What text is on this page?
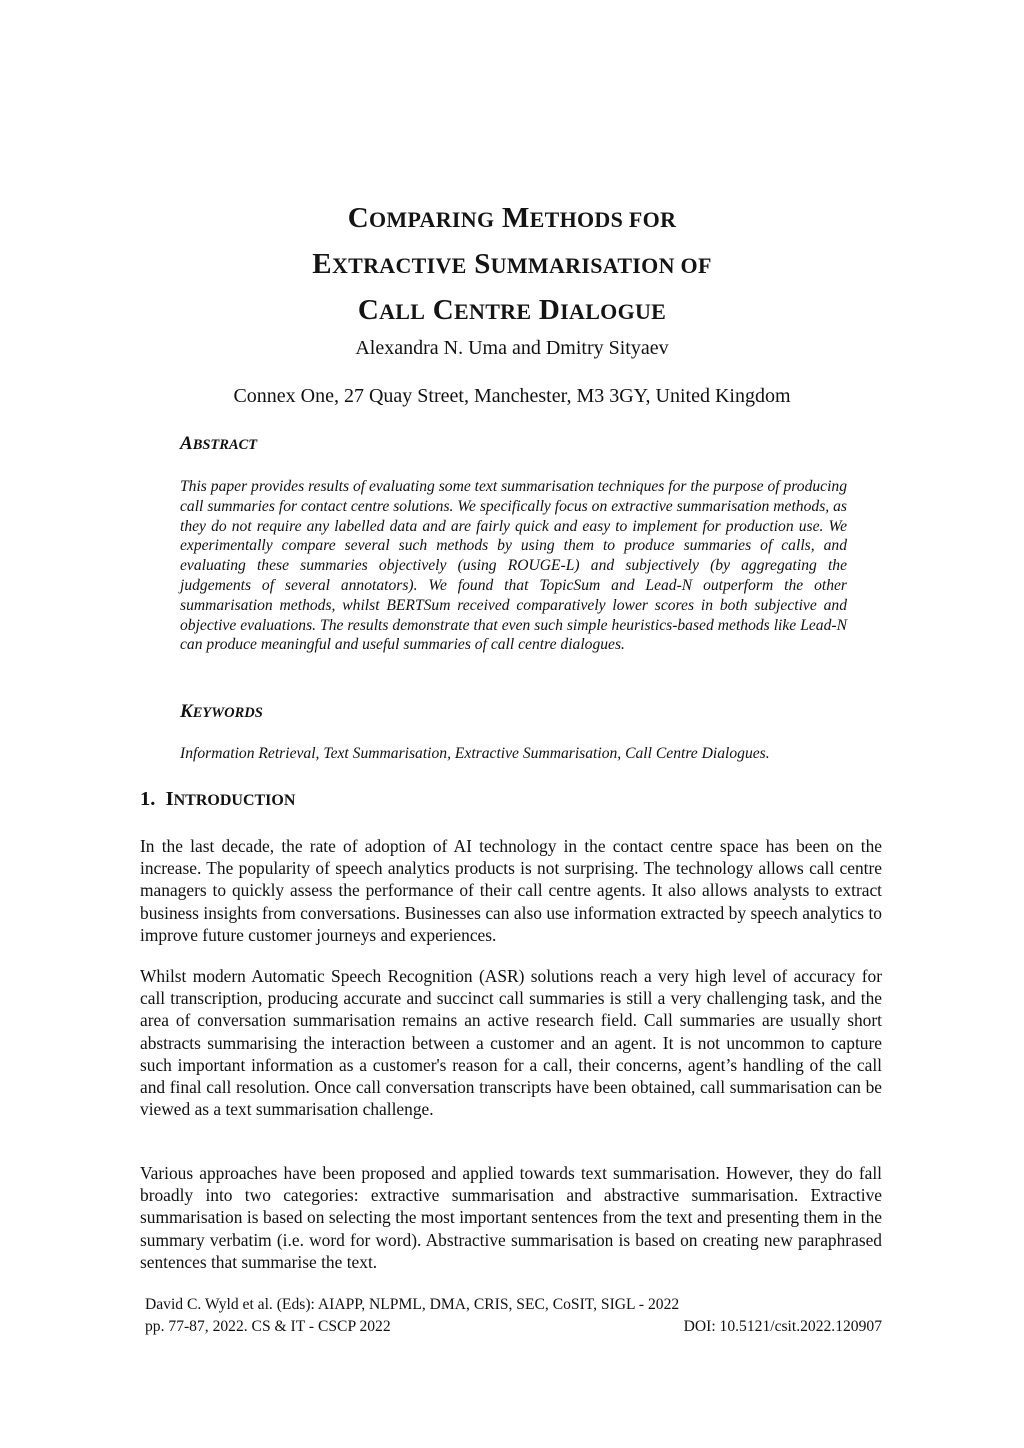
COMPARING METHODS FOR
EXTRACTIVE SUMMARISATION OF
CALL CENTRE DIALOGUE
Alexandra N. Uma and Dmitry Sityaev
Connex One, 27 Quay Street, Manchester, M3 3GY, United Kingdom
ABSTRACT

This paper provides results of evaluating some text summarisation techniques for the purpose of producing call summaries for contact centre solutions. We specifically focus on extractive summarisation methods, as they do not require any labelled data and are fairly quick and easy to implement for production use. We experimentally compare several such methods by using them to produce summaries of calls, and evaluating these summaries objectively (using ROUGE-L) and subjectively (by aggregating the judgements of several annotators). We found that TopicSum and Lead-N outperform the other summarisation methods, whilst BERTSum received comparatively lower scores in both subjective and objective evaluations. The results demonstrate that even such simple heuristics-based methods like Lead-N can produce meaningful and useful summaries of call centre dialogues.

KEYWORDS

Information Retrieval, Text Summarisation, Extractive Summarisation, Call Centre Dialogues.

1. INTRODUCTION

In the last decade, the rate of adoption of AI technology in the contact centre space has been on the increase. The popularity of speech analytics products is not surprising. The technology allows call centre managers to quickly assess the performance of their call centre agents. It also allows analysts to extract business insights from conversations. Businesses can also use information extracted by speech analytics to improve future customer journeys and experiences.

Whilst modern Automatic Speech Recognition (ASR) solutions reach a very high level of accuracy for call transcription, producing accurate and succinct call summaries is still a very challenging task, and the area of conversation summarisation remains an active research field. Call summaries are usually short abstracts summarising the interaction between a customer and an agent. It is not uncommon to capture such important information as a customer's reason for a call, their concerns, agent’s handling of the call and final call resolution. Once call conversation transcripts have been obtained, call summarisation can be viewed as a text summarisation challenge.

Various approaches have been proposed and applied towards text summarisation. However, they do fall broadly into two categories: extractive summarisation and abstractive summarisation. Extractive summarisation is based on selecting the most important sentences from the text and presenting them in the summary verbatim (i.e. word for word). Abstractive summarisation is based on creating new paraphrased sentences that summarise the text.

David C. Wyld et al. (Eds): AIAPP, NLPML, DMA, CRIS, SEC, CoSIT, SIGL - 2022
pp. 77-87, 2022. CS & IT - CSCP 2022	DOI: 10.5121/csit.2022.120907
